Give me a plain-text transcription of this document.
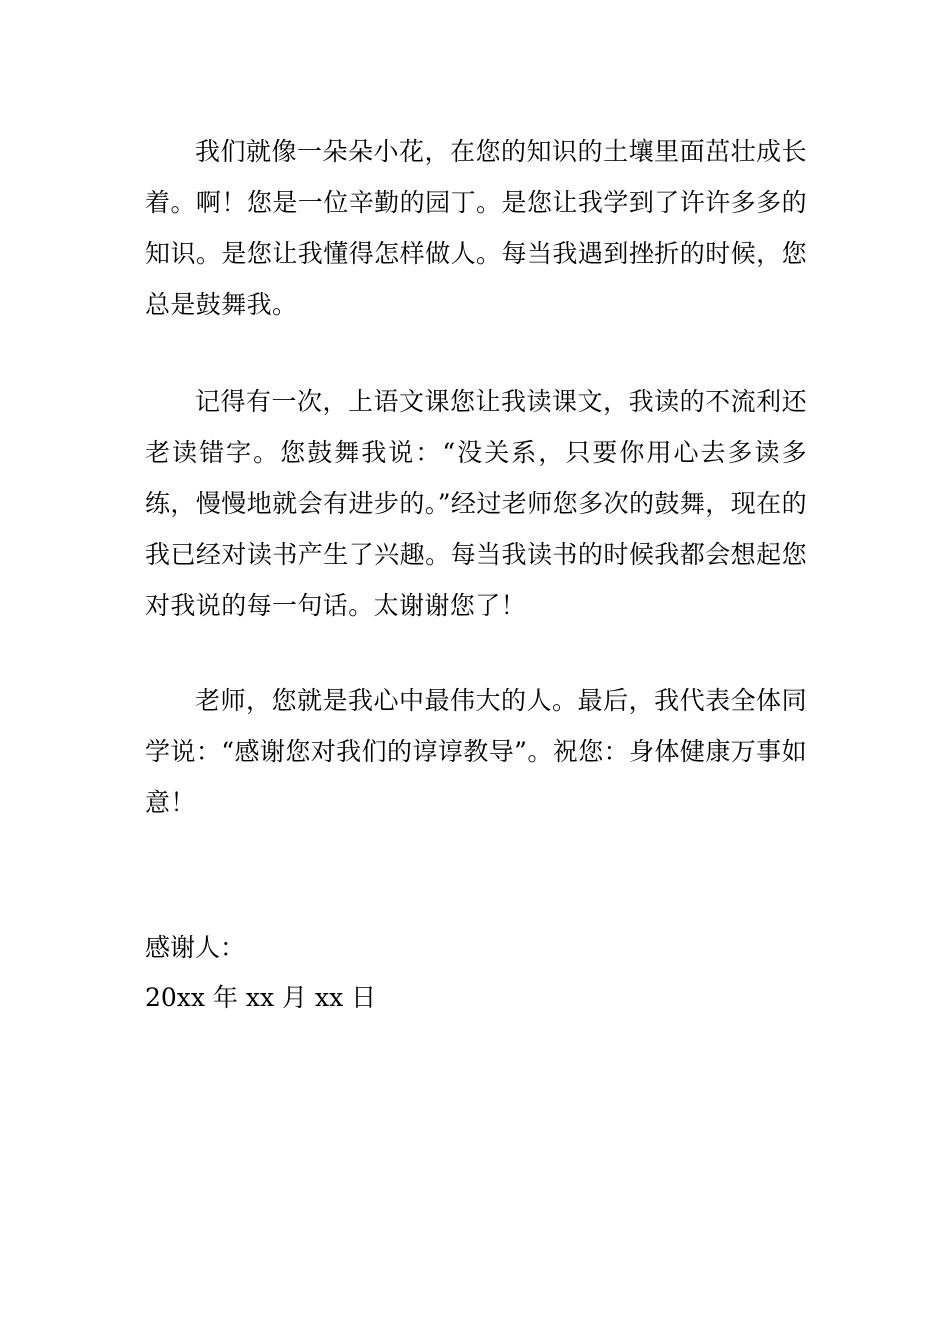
我们就像一朵朵小花，在您的知识的土壤里面茁壮成长着。啊！您是一位辛勤的园丁。是您让我学到了许许多多的知识。是您让我懂得怎样做人。每当我遇到挫折的时候，您总是鼓舞我。

记得有一次，上语文课您让我读课文，我读的不流利还老读错字。您鼓舞我说：“没关系，只要你用心去多读多练，慢慢地就会有进步的。”经过老师您多次的鼓舞，现在的我已经对读书产生了兴趣。每当我读书的时候我都会想起您对我说的每一句话。太谢谢您了！

老师，您就是我心中最伟大的人。最后，我代表全体同学说：“感谢您对我们的谆谆教导”。祝您：身体健康万事如意！

感谢人：

20xx 年 xx 月 xx 日
